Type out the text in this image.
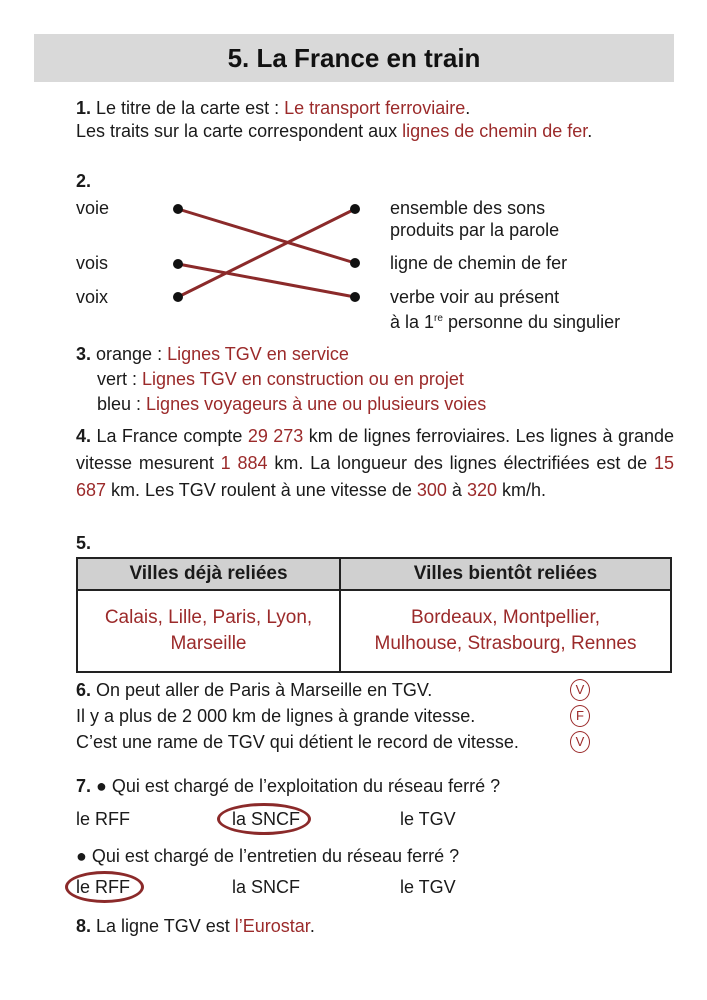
5. La France en train
1. Le titre de la carte est : Le transport ferroviaire.
Les traits sur la carte correspondent aux lignes de chemin de fer.
2.
voie
vois
voix
ensemble des sons
produits par la parole
ligne de chemin de fer
verbe voir au présent
à la 1re personne du singulier
3. orange : Lignes TGV en service
vert : Lignes TGV en construction ou en projet
bleu : Lignes voyageurs à une ou plusieurs voies

4. La France compte 29 273 km de lignes ferroviaires. Les lignes à grande vitesse mesurent 1 884 km. La longueur des lignes électrifiées est de 15 687 km. Les TGV roulent à une vitesse de 300 à 320 km/h.

5.
Villes déjà reliées	Villes bientôt reliées
Calais, Lille, Paris, Lyon,
Marseille	Bordeaux, Montpellier,
Mulhouse, Strasbourg, Rennes
6. On peut aller de Paris à Marseille en TGV.
Il y a plus de 2 000 km de lignes à grande vitesse.
C’est une rame de TGV qui détient le record de vitesse.
V
F
V
7. ● Qui est chargé de l’exploitation du réseau ferré ?
le RFF	la SNCF	le TGV
● Qui est chargé de l’entretien du réseau ferré ?
le RFF	la SNCF	le TGV
8. La ligne TGV est l’Eurostar.
